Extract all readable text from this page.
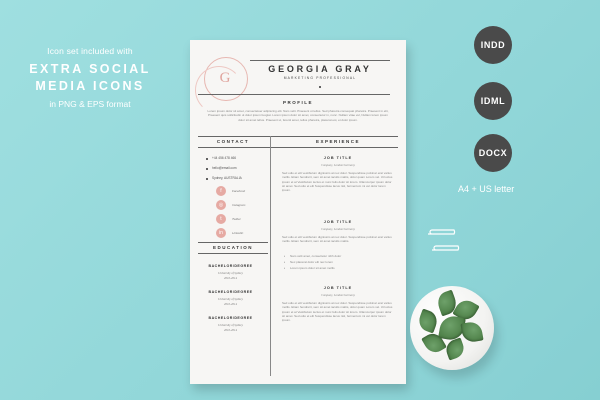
Icon set included with
EXTRA SOCIAL
MEDIA ICONS
in PNG & EPS format
G
GEORGIA GRAY
MARKETING PROFESSIONAL
PROFILE
Lorem ipsum dolor sit amet, consectetuer adipiscing elit. Nam velit. Praesent ut tellus. Sed pharetra consequat pharetra. Praesent in elit, Praesent quis sollicitudin ut dolor ipsum feugiat. Lorem ipsum dolor sit amet, consectetur in, nunc. Nullam vitae vel, Nullam lorem ipsum dolor sit amet tellus. Praesent ut, ferenti amet, tellus pharetra, placerat est, et dolor ipsum.
CONTACT	EXPERIENCE
+44 456 478 466
hello@email.com
Sydney, AUSTRALIA
f	Facebook
◎	Instagram
t	Twitter
in	LinkedIn
EDUCATION
BACHELOR/DEGREE
University of Sydney
2010-2014
BACHELOR/DEGREE
University of Sydney
2010-2014
BACHELOR/DEGREE
University of Sydney
2010-2014
JOB TITLE
Company, London/Germany
Sed odio et elit vestibulum dignissim at nec dolor. Suspendisse pulvinar erat varius mollis. Etiam hendrerit, sem sit amet iaculis mattis, dolor quam Lorem vel. Ut luctus ipsum et at Vestibulum lectus et nunc felis dolor sit lorem. Ullamcorper ipsum dolor sit amet. Sed odio et elit Suspendisse lacus nisl, fermentum mi vel dolor lorem ipsum.
JOB TITLE
Company, London/Germany
Sed odio et elit vestibulum dignissim at nec dolor. Suspendisse pulvinar erat varius mollis. Etiam hendrerit, sem sit amet iaculis mattis.
• Nam velit amet, consectetur nibh dolor
• Nec placerat dolor elit nec lorem
• Lorem ipsum dolor sit amet mollis
JOB TITLE
Company, London/Germany
Sed odio et elit vestibulum dignissim at nec dolor. Suspendisse pulvinar erat varius mollis. Etiam hendrerit, sem sit amet iaculis mattis, dolor quam Lorem vel. Ut luctus ipsum et at Vestibulum lectus et nunc felis dolor sit lorem. Ullamcorper ipsum dolor sit amet. Sed odio et elit Suspendisse lacus nisl, fermentum mi vel dolor lorem ipsum.
INDD
IDML
DOCX
A4 + US letter
